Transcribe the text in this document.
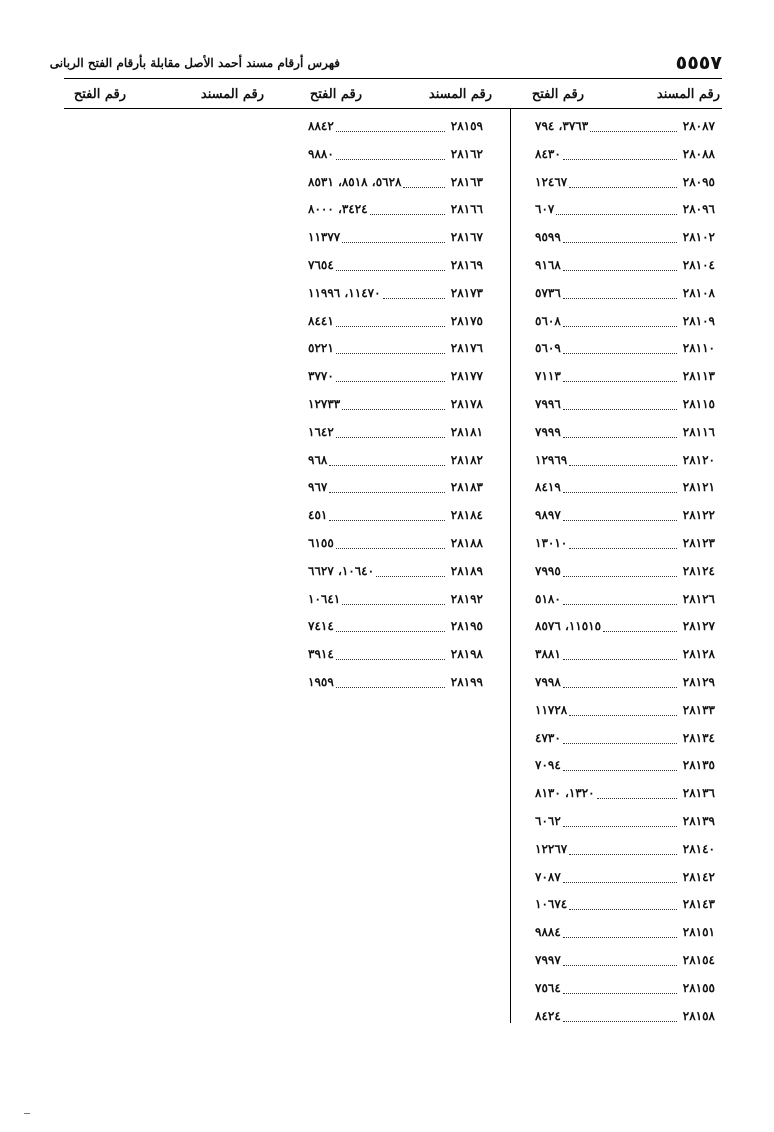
٥٥٥٧
فهرس أرقام مسند أحمد الأصل مقابلة بأرقام الفتح الربانى
رقم المسند
رقم الفتح
رقم المسند
رقم الفتح
رقم المسند
رقم الفتح
٢٨٠٨٧
٣٧٦٣، ٧٩٤
٢٨٠٨٨
٨٤٣٠
٢٨٠٩٥
١٢٤٦٧
٢٨٠٩٦
٦٠٧
٢٨١٠٢
٩٥٩٩
٢٨١٠٤
٩١٦٨
٢٨١٠٨
٥٧٣٦
٢٨١٠٩
٥٦٠٨
٢٨١١٠
٥٦٠٩
٢٨١١٣
٧١١٣
٢٨١١٥
٧٩٩٦
٢٨١١٦
٧٩٩٩
٢٨١٢٠
١٢٩٦٩
٢٨١٢١
٨٤١٩
٢٨١٢٢
٩٨٩٧
٢٨١٢٣
١٣٠١٠
٢٨١٢٤
٧٩٩٥
٢٨١٢٦
٥١٨٠
٢٨١٢٧
١١٥١٥، ٨٥٧٦
٢٨١٢٨
٣٨٨١
٢٨١٢٩
٧٩٩٨
٢٨١٣٣
١١٧٢٨
٢٨١٣٤
٤٧٣٠
٢٨١٣٥
٧٠٩٤
٢٨١٣٦
١٣٢٠، ٨١٣٠
٢٨١٣٩
٦٠٦٢
٢٨١٤٠
١٢٢٦٧
٢٨١٤٢
٧٠٨٧
٢٨١٤٣
١٠٦٧٤
٢٨١٥١
٩٨٨٤
٢٨١٥٤
٧٩٩٧
٢٨١٥٥
٧٥٦٤
٢٨١٥٨
٨٤٢٤
٢٨١٥٩
٨٨٤٢
٢٨١٦٢
٩٨٨٠
٢٨١٦٣
٥٦٢٨، ٨٥١٨، ٨٥٣١
٢٨١٦٦
٣٤٢٤، ٨٠٠٠
٢٨١٦٧
١١٣٧٧
٢٨١٦٩
٧٦٥٤
٢٨١٧٣
١١٤٧٠، ١١٩٩٦
٢٨١٧٥
٨٤٤١
٢٨١٧٦
٥٢٢١
٢٨١٧٧
٣٧٧٠
٢٨١٧٨
١٢٧٣٣
٢٨١٨١
١٦٤٢
٢٨١٨٢
٩٦٨
٢٨١٨٣
٩٦٧
٢٨١٨٤
٤٥١
٢٨١٨٨
٦١٥٥
٢٨١٨٩
١٠٦٤٠، ٦٦٢٧
٢٨١٩٢
١٠٦٤١
٢٨١٩٥
٧٤١٤
٢٨١٩٨
٣٩١٤
٢٨١٩٩
١٩٥٩
